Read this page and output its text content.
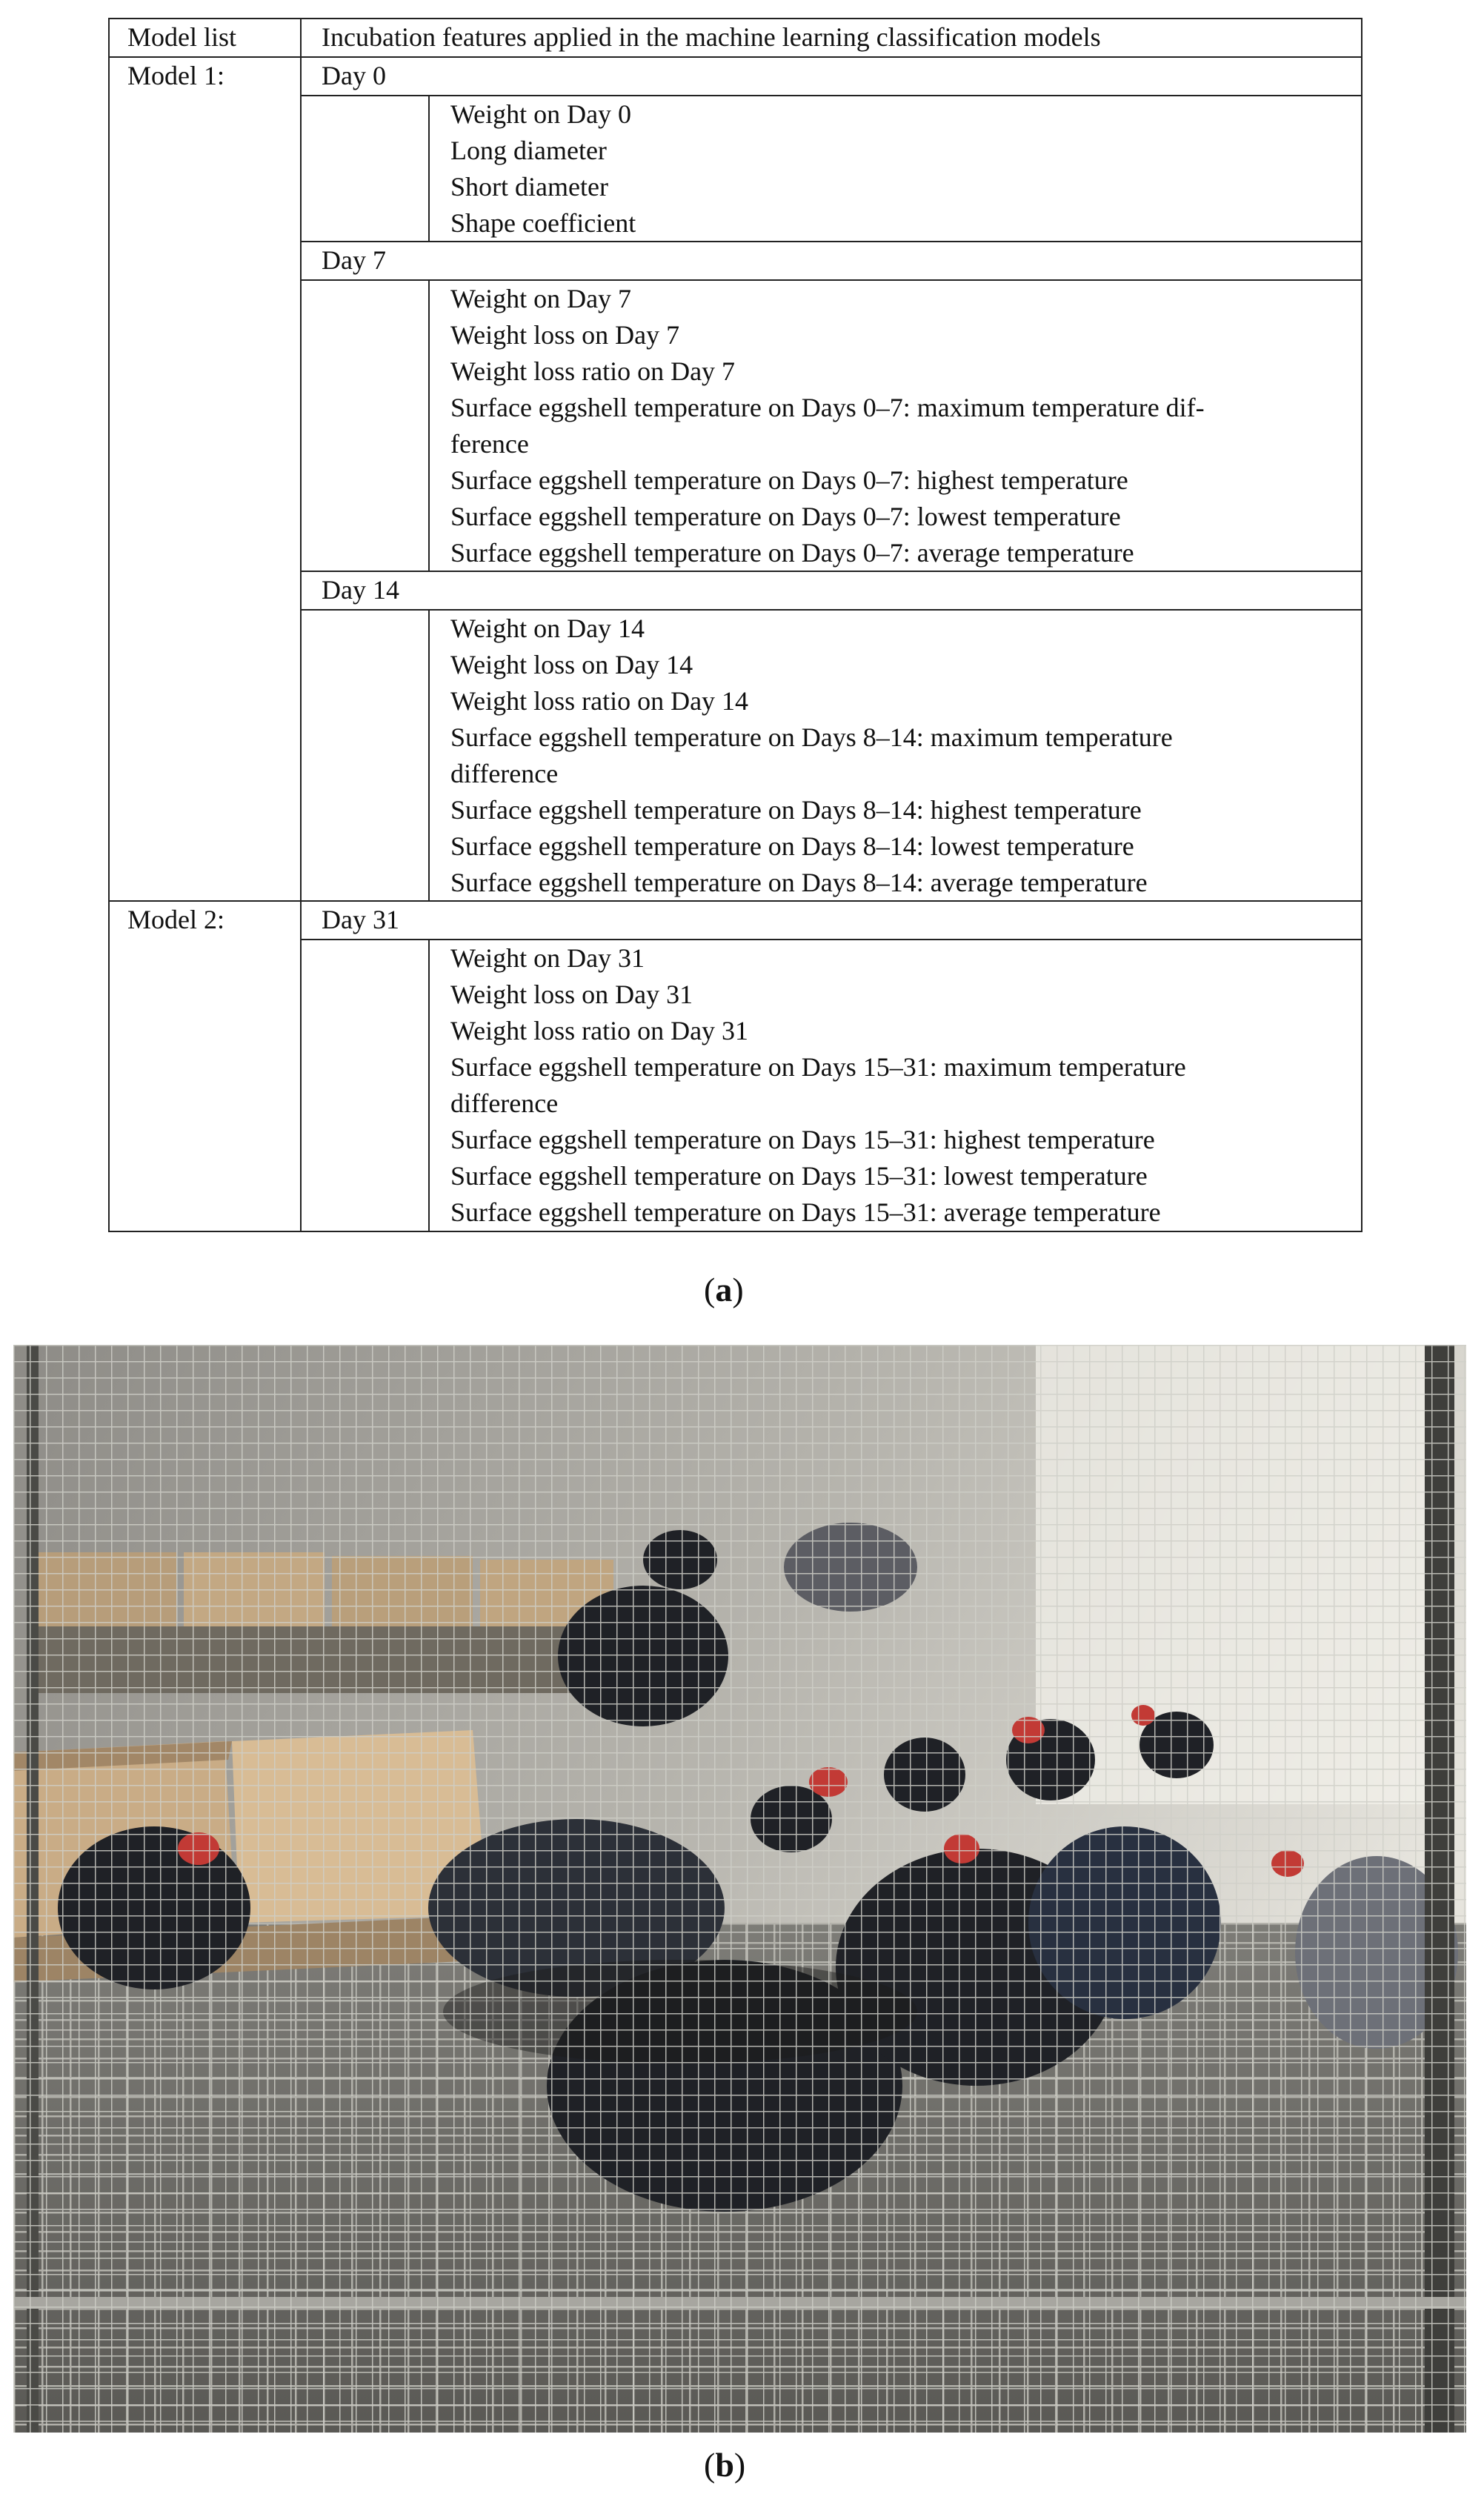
Model list	Incubation features applied in the machine learning classification models
Model 1:
Model 2:
Day 0
Day 7
Day 14
Day 31
Weight on Day 0
Long diameter
Short diameter
Shape coefficient
Weight on Day 7
Weight loss on Day 7
Weight loss ratio on Day 7
Surface eggshell temperature on Days 0–7: maximum temperature dif-
ference
Surface eggshell temperature on Days 0–7: highest temperature
Surface eggshell temperature on Days 0–7: lowest temperature
Surface eggshell temperature on Days 0–7: average temperature
Weight on Day 14
Weight loss on Day 14
Weight loss ratio on Day 14
Surface eggshell temperature on Days 8–14: maximum temperature
difference
Surface eggshell temperature on Days 8–14: highest temperature
Surface eggshell temperature on Days 8–14: lowest temperature
Surface eggshell temperature on Days 8–14: average temperature
Weight on Day 31
Weight loss on Day 31
Weight loss ratio on Day 31
Surface eggshell temperature on Days 15–31: maximum temperature
difference
Surface eggshell temperature on Days 15–31: highest temperature
Surface eggshell temperature on Days 15–31: lowest temperature
Surface eggshell temperature on Days 15–31: average temperature
(a)
(b)
